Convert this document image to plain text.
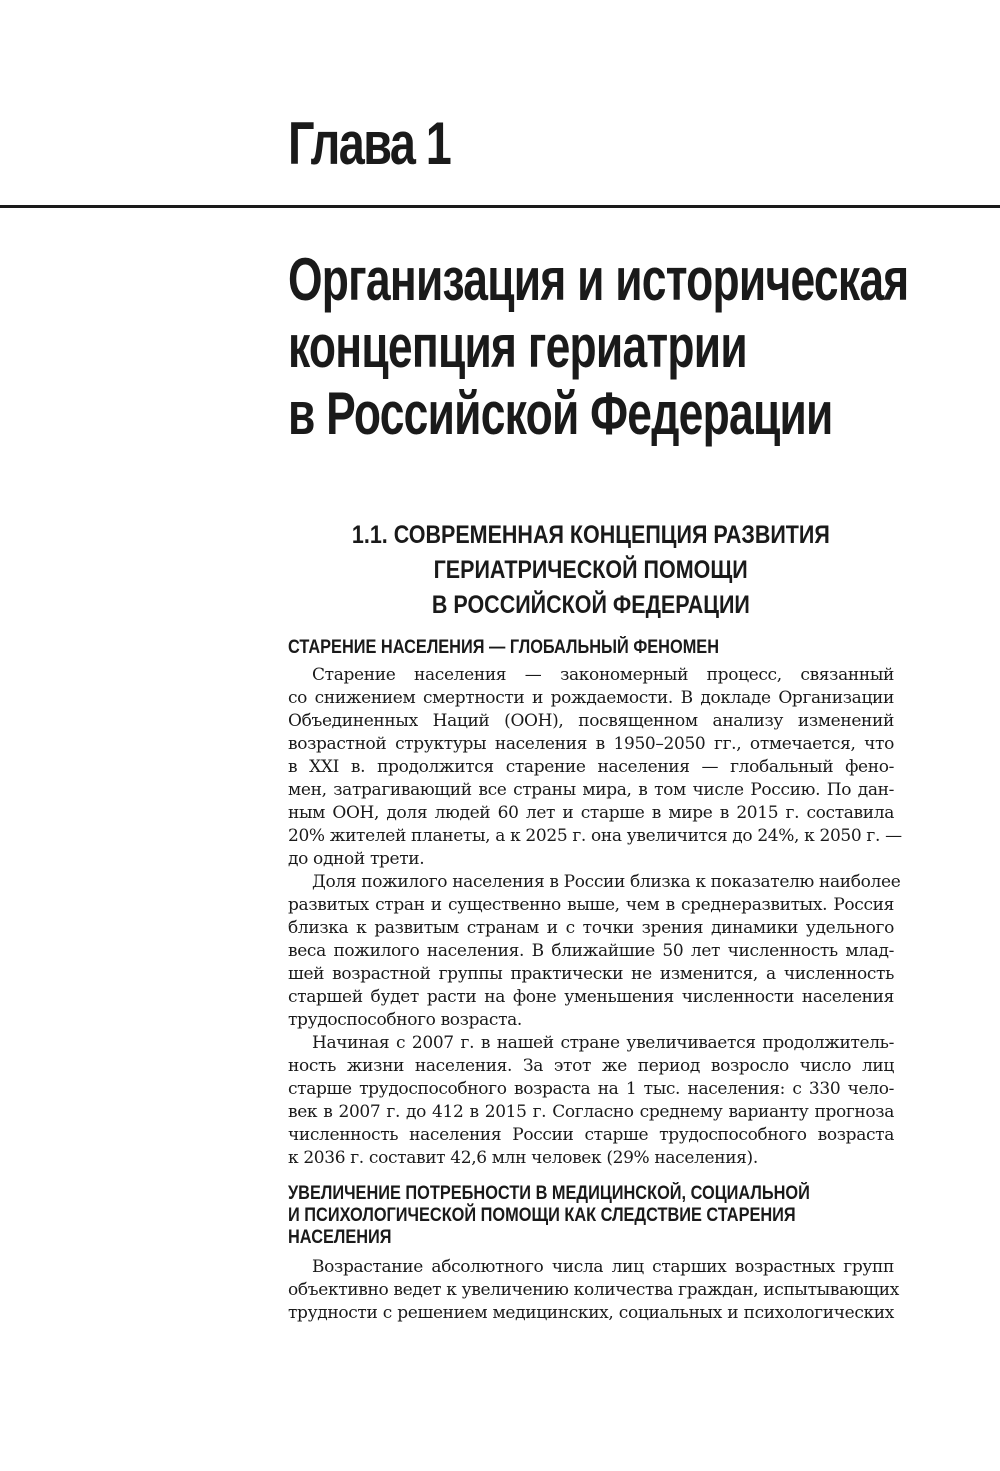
Глава 1
Организация и историческая
концепция гериатрии
в Российской Федерации
1.1. СОВРЕМЕННАЯ КОНЦЕПЦИЯ РАЗВИТИЯ
ГЕРИАТРИЧЕСКОЙ ПОМОЩИ
В РОССИЙСКОЙ ФЕДЕРАЦИИ
СТАРЕНИЕ НАСЕЛЕНИЯ — ГЛОБАЛЬНЫЙ ФЕНОМЕН
Старение населения — закономерный процесс, связанный
со снижением смертности и рождаемости. В докладе Организации
Объединенных Наций (ООН), посвященном анализу изменений
возрастной структуры населения в 1950–2050 гг., отмечается, что
в XXI в. продолжится старение населения — глобальный фено-
мен, затрагивающий все страны мира, в том числе Россию. По дан-
ным ООН, доля людей 60 лет и старше в мире в 2015 г. составила
20% жителей планеты, а к 2025 г. она увеличится до 24%, к 2050 г. —
до одной трети.
Доля пожилого населения в России близка к показателю наиболее
развитых стран и существенно выше, чем в среднеразвитых. Россия
близка к развитым странам и с точки зрения динамики удельного
веса пожилого населения. В ближайшие 50 лет численность млад-
шей возрастной группы практически не изменится, а численность
старшей будет расти на фоне уменьшения численности населения
трудоспособного возраста.
Начиная с 2007 г. в нашей стране увеличивается продолжитель-
ность жизни населения. За этот же период возросло число лиц
старше трудоспособного возраста на 1 тыс. населения: с 330 чело-
век в 2007 г. до 412 в 2015 г. Согласно среднему варианту прогноза
численность населения России старше трудоспособного возраста
к 2036 г. составит 42,6 млн человек (29% населения).
УВЕЛИЧЕНИЕ ПОТРЕБНОСТИ В МЕДИЦИНСКОЙ, СОЦИАЛЬНОЙ
И ПСИХОЛОГИЧЕСКОЙ ПОМОЩИ КАК СЛЕДСТВИЕ СТАРЕНИЯ
НАСЕЛЕНИЯ
Возрастание абсолютного числа лиц старших возрастных групп
объективно ведет к увеличению количества граждан, испытывающих
трудности с решением медицинских, социальных и психологических
